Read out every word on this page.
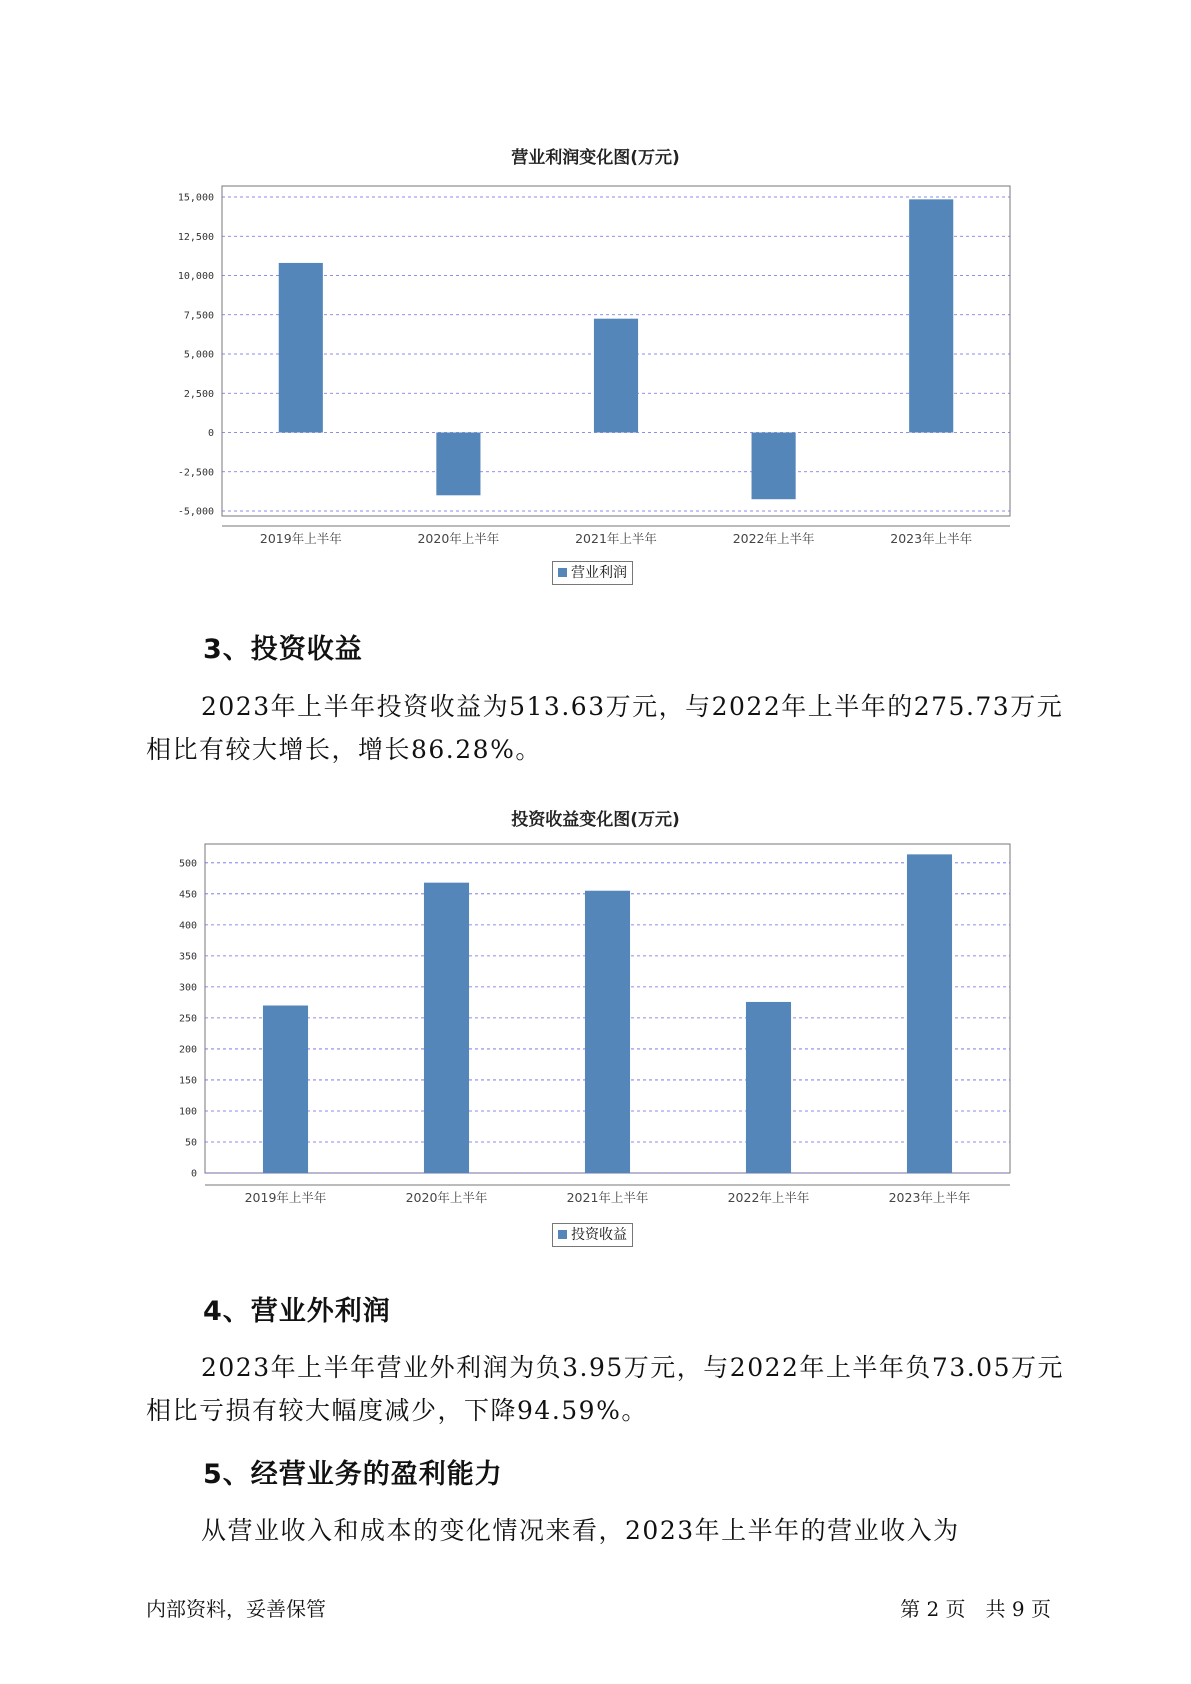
营业利润变化图(万元)
-5,000
-2,500
0
2,500
5,000
7,500
10,000
12,500
15,000
2019年上半年	2020年上半年	2021年上半年	2022年上半年	2023年上半年
营业利润
3、投资收益

2023年上半年投资收益为513.63万元，与2022年上半年的275.73万元相比有较大增长，增长86.28%。

投资收益变化图(万元)
0
50
100
150
200
250
300
350
400
450
500
2019年上半年	2020年上半年	2021年上半年	2022年上半年	2023年上半年
投资收益
4、营业外利润

2023年上半年营业外利润为负3.95万元，与2022年上半年负73.05万元相比亏损有较大幅度减少，下降94.59%。

5、经营业务的盈利能力

从营业收入和成本的变化情况来看，2023年上半年的营业收入为

内部资料，妥善保管	第 2 页　共 9 页
